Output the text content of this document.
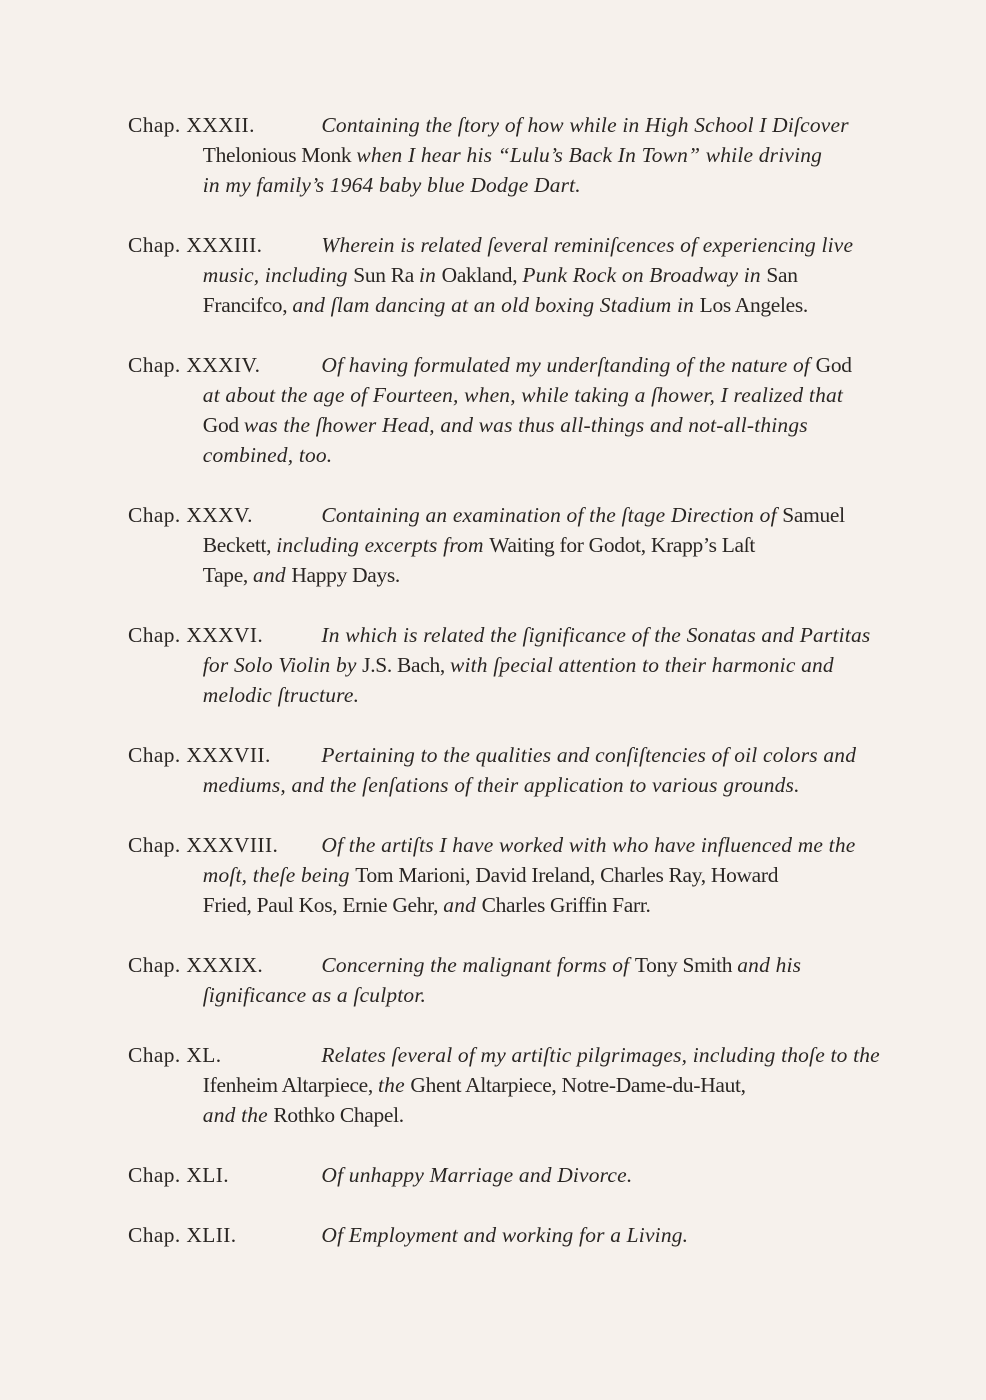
Chap. XXXII.	Containing the ſtory of how while in High School I Diſcover
Thelonious Monk when I hear his “Lulu’s Back In Town” while driving
in my family’s 1964 baby blue Dodge Dart.
Chap. XXXIII.	Wherein is related ſeveral reminiſcences of experiencing live
music, including Sun Ra in Oakland, Punk Rock on Broadway in San
Francifco, and ſlam dancing at an old boxing Stadium in Los Angeles.
Chap. XXXIV.	Of having formulated my underſtanding of the nature of God
at about the age of Fourteen, when, while taking a ſhower, I realized that
God was the ſhower Head, and was thus all-things and not-all-things
combined, too.
Chap. XXXV.	Containing an examination of the ſtage Direction of Samuel
Beckett, including excerpts from Waiting for Godot, Krapp’s Laſt
Tape, and Happy Days.
Chap. XXXVI.	In which is related the ſignificance of the Sonatas and Partitas
for Solo Violin by J.S. Bach, with ſpecial attention to their harmonic and
melodic ſtructure.
Chap. XXXVII. Pertaining to the qualities and conſiſtencies of oil colors and
mediums, and the ſenſations of their application to various grounds.
Chap. XXXVIII. Of the artiſts I have worked with who have influenced me the
moſt, theſe being Tom Marioni, David Ireland, Charles Ray, Howard
Fried, Paul Kos, Ernie Gehr, and Charles Griffin Farr.
Chap. XXXIX.	Concerning the malignant forms of Tony Smith and his
ſignificance as a ſculptor.
Chap. XL.	Relates ſeveral of my artiſtic pilgrimages, including thoſe to the
Ifenheim Altarpiece, the Ghent Altarpiece, Notre-Dame-du-Haut,
and the Rothko Chapel.
Chap. XLI.	Of unhappy Marriage and Divorce.
Chap. XLII.	Of Employment and working for a Living.
